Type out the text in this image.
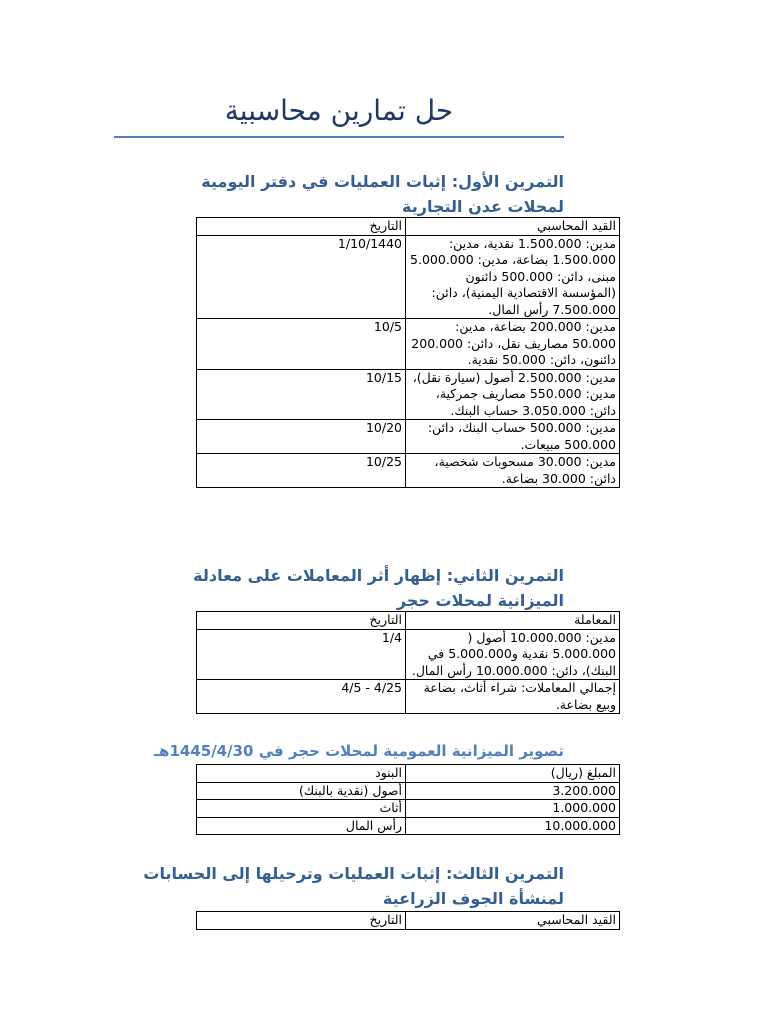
حل تمارين محاسبية
التمرين الأول: إثبات العمليات في دفتر اليومية
لمحلات عدن التجارية
القيد المحاسبي	التاريخ
مدين: 1.500.000 نقدية، مدين: 1.500.000 بضاعة، مدين: 5.000.000 مبنى، دائن: 500.000 دائنون (المؤسسة الاقتصادية اليمنية)، دائن: 7.500.000 رأس المال.	1/10/1440
مدين: 200.000 بضاعة، مدين: 50.000 مصاريف نقل، دائن: 200.000 دائنون، دائن: 50.000 نقدية.	10/5
مدين: 2.500.000 أصول (سيارة نقل)، مدين: 550.000 مصاريف جمركية، دائن: 3.050.000 حساب البنك.	10/15
مدين: 500.000 حساب البنك، دائن: 500.000 مبيعات.	10/20
مدين: 30.000 مسحوبات شخصية، دائن: 30.000 بضاعة.	10/25
التمرين الثاني: إظهار أثر المعاملات على معادلة
الميزانية لمحلات حجر
المعاملة	التاريخ
مدين: 10.000.000 أصول ( 5.000.000 نقدية و5.000.000 في البنك)، دائن: 10.000.000 رأس المال.	1/4
إجمالي المعاملات: شراء أثاث، بضاعة وبيع بضاعة.	4/25 - 4/5
تصوير الميزانية العمومية لمحلات حجر في 1445/4/30هـ
المبلغ (ريال)	البنود
3.200.000	أصول (نقدية بالبنك)
1.000.000	أثاث
10.000.000	رأس المال
التمرين الثالث: إثبات العمليات وترحيلها إلى الحسابات
لمنشأة الجوف الزراعية
القيد المحاسبي	التاريخ
